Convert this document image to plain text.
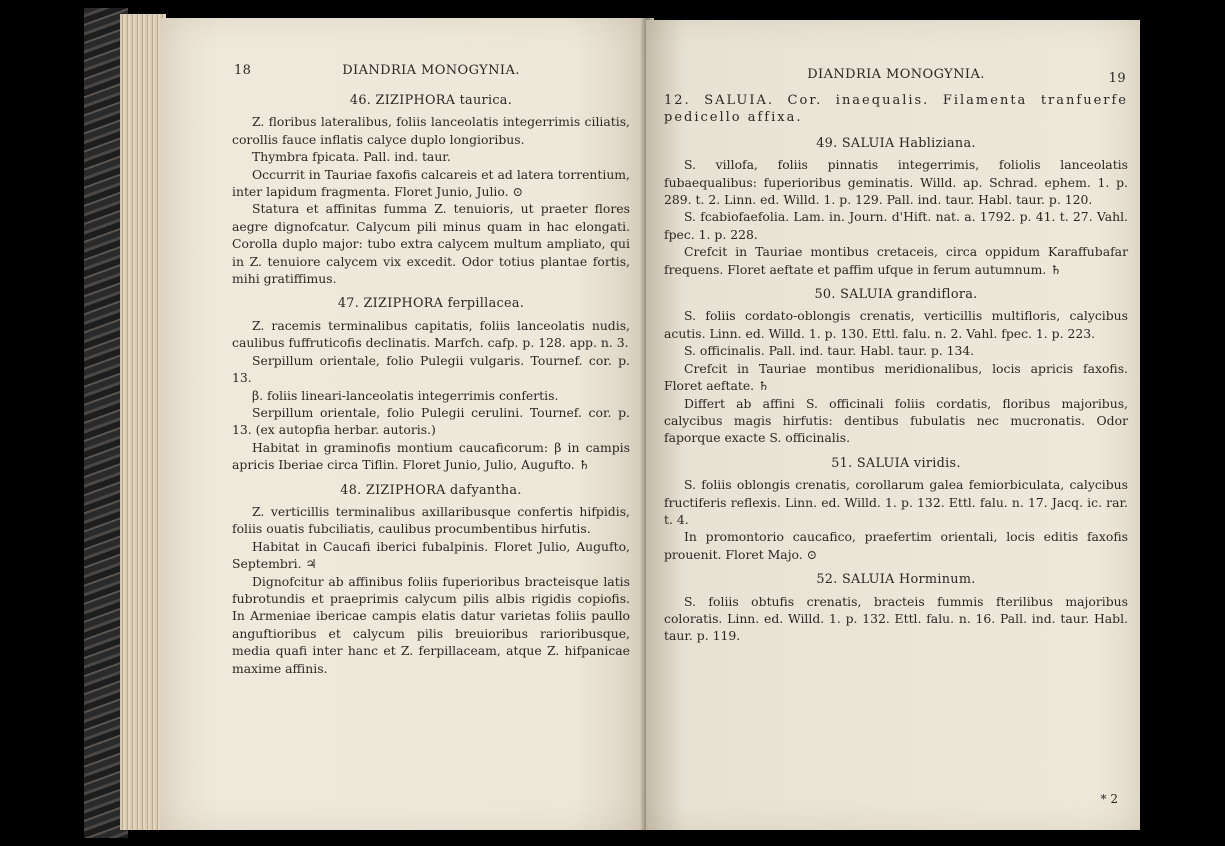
18	DIANDRIA MONOGYNIA.
46. ZIZIPHORA taurica.

Z. floribus lateralibus, foliis lanceolatis integerrimis ciliatis, corollis fauce inflatis calyce duplo longioribus.

Thymbra fpicata. Pall. ind. taur.

Occurrit in Tauriae faxofis calcareis et ad latera torrentium, inter lapidum fragmenta. Floret Junio, Julio. ⊙

Statura et affinitas fumma Z. tenuioris, ut praeter flores aegre dignofcatur. Calycum pili minus quam in hac elongati. Corolla duplo major: tubo extra calycem multum ampliato, qui in Z. tenuiore calycem vix excedit. Odor totius plantae fortis, mihi gratiffimus.

47. ZIZIPHORA ferpillacea.

Z. racemis terminalibus capitatis, foliis lanceolatis nudis, caulibus fuffruticofis declinatis. Marfch. cafp. p. 128. app. n. 3.

Serpillum orientale, folio Pulegii vulgaris. Tournef. cor. p. 13.

β. foliis lineari-lanceolatis integerrimis confertis.

Serpillum orientale, folio Pulegii cerulini. Tournef. cor. p. 13. (ex autopfia herbar. autoris.)

Habitat in graminofis montium caucaficorum: β in campis apricis Iberiae circa Tiflin. Floret Junio, Julio, Augufto. ♄

48. ZIZIPHORA dafyantha.

Z. verticillis terminalibus axillaribusque confertis hifpidis, foliis ouatis fubciliatis, caulibus procumbentibus hirfutis.

Habitat in Caucafi iberici fubalpinis. Floret Julio, Augufto, Septembri. ♃

Dignofcitur ab affinibus foliis fuperioribus bracteisque latis fubrotundis et praeprimis calycum pilis albis rigidis copiofis. In Armeniae ibericae campis elatis datur varietas foliis paullo anguftioribus et calycum pilis breuioribus rarioribusque, media quafi inter hanc et Z. ferpillaceam, atque Z. hifpanicae maxime affinis.

DIANDRIA MONOGYNIA.	19

12. SALUIA. Cor. inaequalis. Filamenta tranfuerfe pedicello affixa.

49. SALUIA Habliziana.

S. villofa, foliis pinnatis integerrimis, foliolis lanceolatis fubaequalibus: fuperioribus geminatis. Willd. ap. Schrad. ephem. 1. p. 289. t. 2. Linn. ed. Willd. 1. p. 129. Pall. ind. taur. Habl. taur. p. 120.

S. fcabiofaefolia. Lam. in. Journ. d'Hift. nat. a. 1792. p. 41. t. 27. Vahl. fpec. 1. p. 228.

Crefcit in Tauriae montibus cretaceis, circa oppidum Karaffubafar frequens. Floret aeftate et paffim ufque in ferum autumnum. ♄

50. SALUIA grandiflora.

S. foliis cordato-oblongis crenatis, verticillis multifloris, calycibus acutis. Linn. ed. Willd. 1. p. 130. Ettl. falu. n. 2. Vahl. fpec. 1. p. 223.

S. officinalis. Pall. ind. taur. Habl. taur. p. 134.

Crefcit in Tauriae montibus meridionalibus, locis apricis faxofis. Floret aeftate. ♄

Differt ab affini S. officinali foliis cordatis, floribus majoribus, calycibus magis hirfutis: dentibus fubulatis nec mucronatis. Odor faporque exacte S. officinalis.

51. SALUIA viridis.

S. foliis oblongis crenatis, corollarum galea femiorbiculata, calycibus fructiferis reflexis. Linn. ed. Willd. 1. p. 132. Ettl. falu. n. 17. Jacq. ic. rar. t. 4.

In promontorio caucafico, praefertim orientali, locis editis faxofis prouenit. Floret Majo. ⊙

52. SALUIA Horminum.

S. foliis obtufis crenatis, bracteis fummis fterilibus majoribus coloratis. Linn. ed. Willd. 1. p. 132. Ettl. falu. n. 16. Pall. ind. taur. Habl. taur. p. 119.

* 2
